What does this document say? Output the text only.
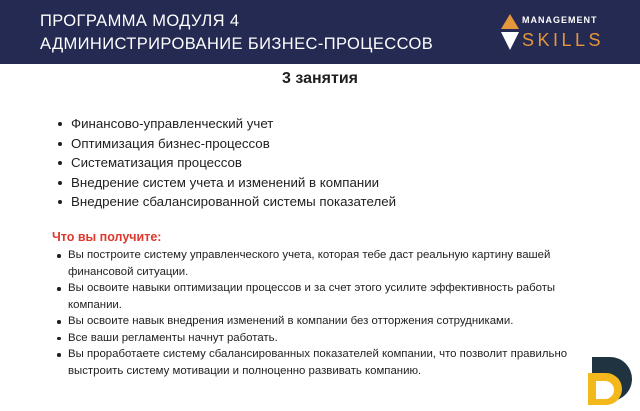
ПРОГРАММА МОДУЛЯ 4
АДМИНИСТРИРОВАНИЕ БИЗНЕС-ПРОЦЕССОВ
MANAGEMENT
SKILLS
3 занятия
Финансово-управленческий учет
Оптимизация бизнес-процессов
Систематизация процессов
Внедрение систем учета и изменений в компании
Внедрение сбалансированной системы показателей
Что вы получите:
Вы построите систему управленческого учета, которая тебе даст реальную картину вашей финансовой ситуации.
Вы освоите навыки оптимизации процессов и за счет этого усилите эффективность работы компании.
Вы освоите навык внедрения изменений в компании без отторжения сотрудниками.
Все ваши регламенты начнут работать.
Вы проработаете систему сбалансированных показателей компании, что позволит правильно выстроить систему мотивации и полноценно развивать компанию.
